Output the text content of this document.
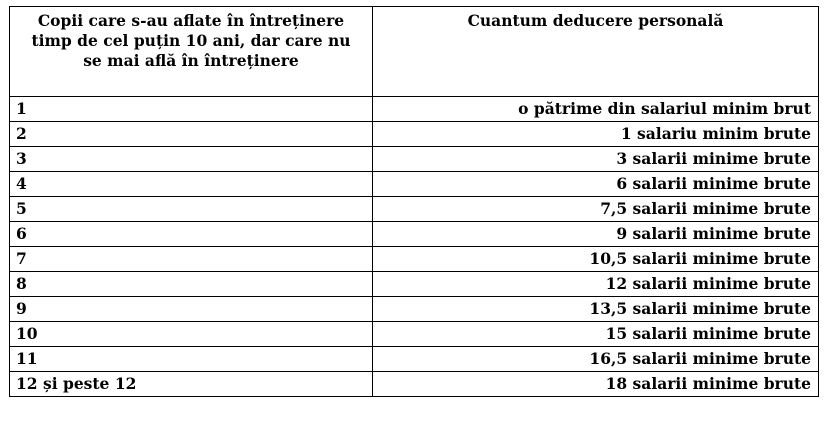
Copii care s-au aflate în întreținere
timp de cel puțin 10 ani, dar care nu
se mai află în întreținere	Cuantum deducere personală
1	o pătrime din salariul minim brut
2	1 salariu minim brute
3	3 salarii minime brute
4	6 salarii minime brute
5	7,5 salarii minime brute
6	9 salarii minime brute
7	10,5 salarii minime brute
8	12 salarii minime brute
9	13,5 salarii minime brute
10	15 salarii minime brute
11	16,5 salarii minime brute
12 și peste 12	18 salarii minime brute
